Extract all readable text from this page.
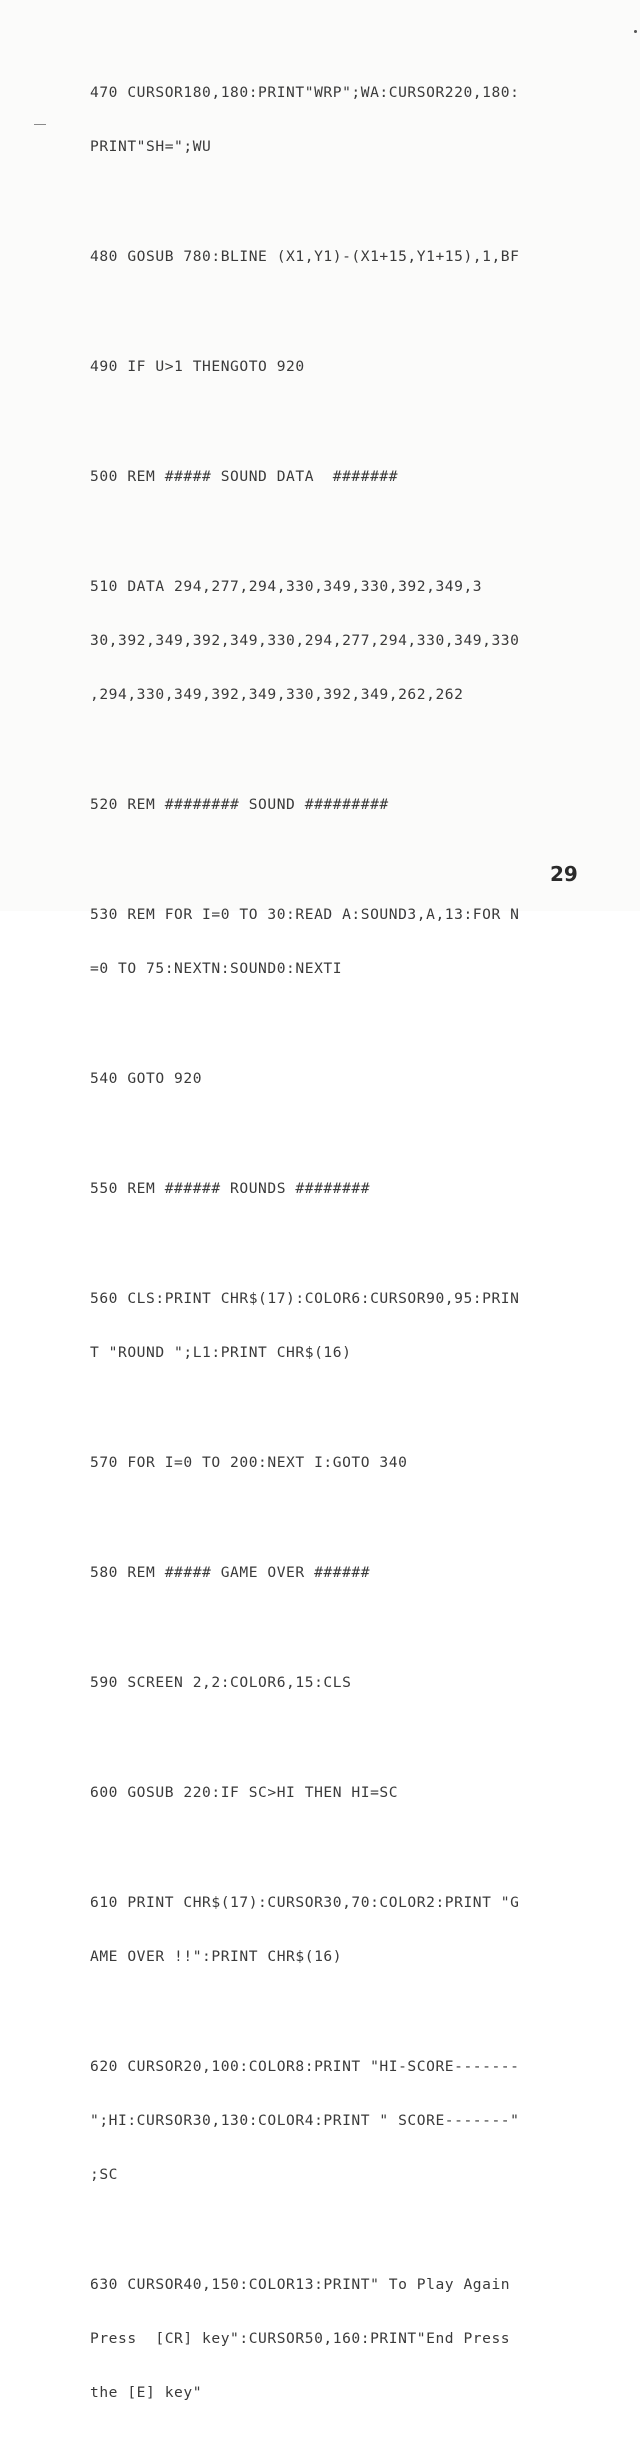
470 CURSOR180,180:PRINT"WRP";WA:CURSOR220,180:

PRINT"SH=";WU

480 GOSUB 780:BLINE (X1,Y1)-(X1+15,Y1+15),1,BF

490 IF U>1 THENGOTO 920

500 REM ##### SOUND DATA  #######

510 DATA 294,277,294,330,349,330,392,349,3

30,392,349,392,349,330,294,277,294,330,349,330

,294,330,349,392,349,330,392,349,262,262

520 REM ######## SOUND #########

530 REM FOR I=0 TO 30:READ A:SOUND3,A,13:FOR N

=0 TO 75:NEXTN:SOUND0:NEXTI

540 GOTO 920

550 REM ###### ROUNDS ########

560 CLS:PRINT CHR$(17):COLOR6:CURSOR90,95:PRIN

T "ROUND ";L1:PRINT CHR$(16)

570 FOR I=0 TO 200:NEXT I:GOTO 340

580 REM ##### GAME OVER ######

590 SCREEN 2,2:COLOR6,15:CLS

600 GOSUB 220:IF SC>HI THEN HI=SC

610 PRINT CHR$(17):CURSOR30,70:COLOR2:PRINT "G

AME OVER !!":PRINT CHR$(16)

620 CURSOR20,100:COLOR8:PRINT "HI-SCORE-------

";HI:CURSOR30,130:COLOR4:PRINT " SCORE-------"

;SC

630 CURSOR40,150:COLOR13:PRINT" To Play Again

Press  [CR] key":CURSOR50,160:PRINT"End Press

the [E] key"

29
